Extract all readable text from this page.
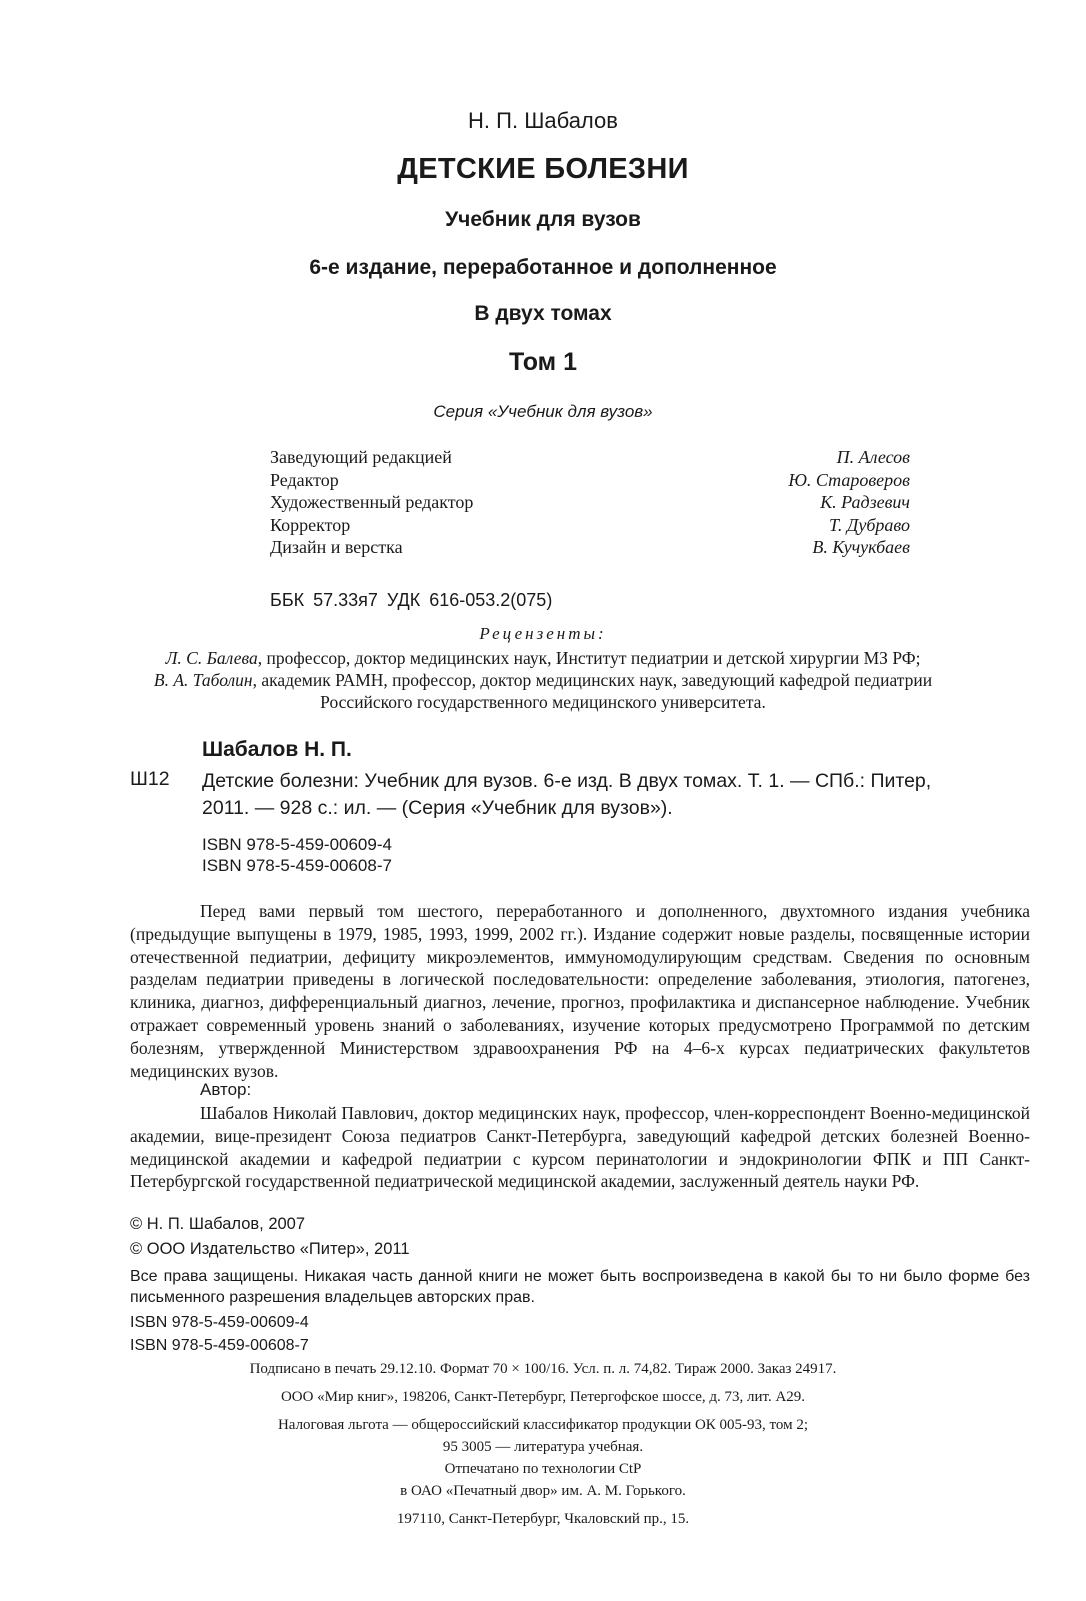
Н. П. Шабалов
ДЕТСКИЕ БОЛЕЗНИ
Учебник для вузов
6-е издание, переработанное и дополненное
В двух томах
Том 1
Серия «Учебник для вузов»
Заведующий редакцией	П. Алесов
Редактор	Ю. Староверов
Художественный редактор	К. Радзевич
Корректор	Т. Дубраво
Дизайн и верстка	В. Кучукбаев
ББК 57.33я7 УДК 616-053.2(075)
Рецензенты:
Л. С. Балева, профессор, доктор медицинских наук, Институт педиатрии и детской хирургии МЗ РФ;
В. А. Таболин, академик РАМН, профессор, доктор медицинских наук, заведующий кафедрой педиатрии
Российского государственного медицинского университета.
Шабалов Н. П.
Ш12 Детские болезни: Учебник для вузов. 6-е изд. В двух томах. Т. 1. — СПб.: Питер,
2011. — 928 с.: ил. — (Серия «Учебник для вузов»).
ISBN 978-5-459-00609-4
ISBN 978-5-459-00608-7
Перед вами первый том шестого, переработанного и дополненного, двухтомного издания учебника (предыдущие выпущены в 1979, 1985, 1993, 1999, 2002 гг.). Издание содержит новые разделы, посвященные истории отечественной педиатрии, дефициту микроэлементов, иммуномодулирующим средствам. Сведения по основным разделам педиатрии приведены в логической последовательности: определение заболевания, этиология, патогенез, клиника, диагноз, дифференциальный диагноз, лечение, прогноз, профилактика и диспансерное наблюдение. Учебник отражает современный уровень знаний о заболеваниях, изучение которых предусмотрено Программой по детским болезням, утвержденной Министерством здравоохранения РФ на 4–6-х курсах педиатрических факультетов медицинских вузов.
Автор:
Шабалов Николай Павлович, доктор медицинских наук, профессор, член-корреспондент Военно-медицинской академии, вице-президент Союза педиатров Санкт-Петербурга, заведующий кафедрой детских болезней Военно-медицинской академии и кафедрой педиатрии с курсом перинатологии и эндокринологии ФПК и ПП Санкт-Петербургской государственной педиатрической медицинской академии, заслуженный деятель науки РФ.
© Н. П. Шабалов, 2007
© ООО Издательство «Питер», 2011
Все права защищены. Никакая часть данной книги не может быть воспроизведена в какой бы то ни было форме без письменного разрешения владельцев авторских прав.
ISBN 978-5-459-00609-4
ISBN 978-5-459-00608-7
Подписано в печать 29.12.10. Формат 70 × 100/16. Усл. п. л. 74,82. Тираж 2000. Заказ 24917.
ООО «Мир книг», 198206, Санкт-Петербург, Петергофское шоссе, д. 73, лит. А29.
Налоговая льгота — общероссийский классификатор продукции ОК 005-93, том 2;
95 3005 — литература учебная.
Отпечатано по технологии CtP
в ОАО «Печатный двор» им. А. М. Горького.
197110, Санкт-Петербург, Чкаловский пр., 15.
